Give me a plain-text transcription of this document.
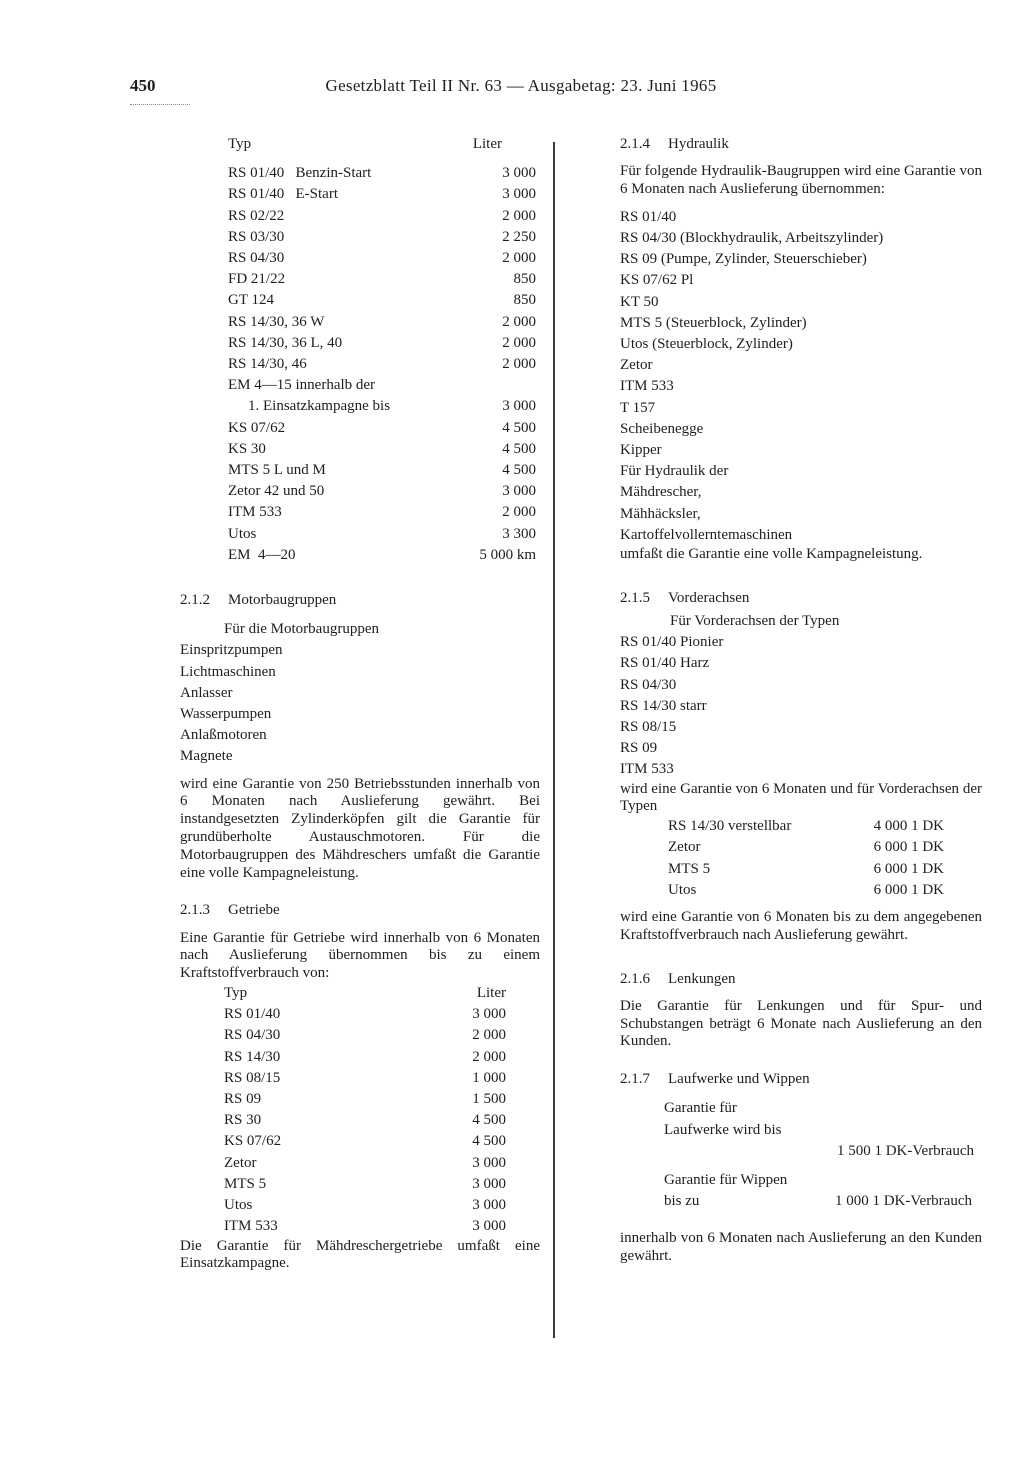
450	Gesetzblatt Teil II Nr. 63 — Ausgabetag: 23. Juni 1965
Typ	Liter
RS 01/40   Benzin-Start	3 000
RS 01/40   E-Start	3 000
RS 02/22	2 000
RS 03/30	2 250
RS 04/30	2 000
FD 21/22	850
GT 124	850
RS 14/30, 36 W	2 000
RS 14/30, 36 L, 40	2 000
RS 14/30, 46	2 000
EM 4—15 innerhalb der

1. Einsatzkampagne bis	3 000
KS 07/62	4 500
KS 30	4 500
MTS 5 L und M	4 500
Zetor 42 und 50	3 000
ITM 533	2 000
Utos	3 300
EM  4—20	5 000 km
2.1.2	Motorbaugruppen
Für die Motorbaugruppen
Einspritzpumpen
Lichtmaschinen
Anlasser
Wasserpumpen
Anlaßmotoren
Magnete

wird eine Garantie von 250 Betriebsstunden innerhalb von 6 Monaten nach Auslieferung gewährt. Bei instandgesetzten Zylinderköpfen gilt die Garantie für grundüberholte Austauschmotoren. Für die Motorbaugruppen des Mähdreschers umfaßt die Garantie eine volle Kampagneleistung.

2.1.3	Getriebe

Eine Garantie für Getriebe wird innerhalb von 6 Monaten nach Auslieferung übernommen bis zu einem Kraftstoffverbrauch von:

Typ	Liter
RS 01/40	3 000
RS 04/30	2 000
RS 14/30	2 000
RS 08/15	1 000
RS 09	1 500
RS 30	4 500
KS 07/62	4 500
Zetor	3 000
MTS 5	3 000
Utos	3 000
ITM 533	3 000

Die Garantie für Mähdreschergetriebe umfaßt eine Einsatzkampagne.

2.1.4	Hydraulik

Für folgende Hydraulik-Baugruppen wird eine Garantie von 6 Monaten nach Auslieferung übernommen:

RS 01/40
RS 04/30 (Blockhydraulik, Arbeitszylinder)
RS 09 (Pumpe, Zylinder, Steuerschieber)
KS 07/62 Pl
KT 50
MTS 5 (Steuerblock, Zylinder)
Utos (Steuerblock, Zylinder)
Zetor
ITM 533
T 157
Scheibenegge
Kipper
Für Hydraulik der
Mähdrescher,
Mähhäcksler,
Kartoffelvollerntemaschinen

umfaßt die Garantie eine volle Kampagneleistung.

2.1.5	Vorderachsen
Für Vorderachsen der Typen
RS 01/40 Pionier
RS 01/40 Harz
RS 04/30
RS 14/30 starr
RS 08/15
RS 09
ITM 533

wird eine Garantie von 6 Monaten und für Vorderachsen der Typen

RS 14/30 verstellbar	4 000 1 DK
Zetor	6 000 1 DK
MTS 5	6 000 1 DK
Utos	6 000 1 DK

wird eine Garantie von 6 Monaten bis zu dem angegebenen Kraftstoffverbrauch nach Auslieferung gewährt.

2.1.6	Lenkungen

Die Garantie für Lenkungen und für Spur- und Schubstangen beträgt 6 Monate nach Auslieferung an den Kunden.

2.1.7	Laufwerke und Wippen
Garantie für
Laufwerke wird bis
1 500 1 DK-Verbrauch
Garantie für Wippen
bis zu	1 000 1 DK-Verbrauch

innerhalb von 6 Monaten nach Auslieferung an den Kunden gewährt.
